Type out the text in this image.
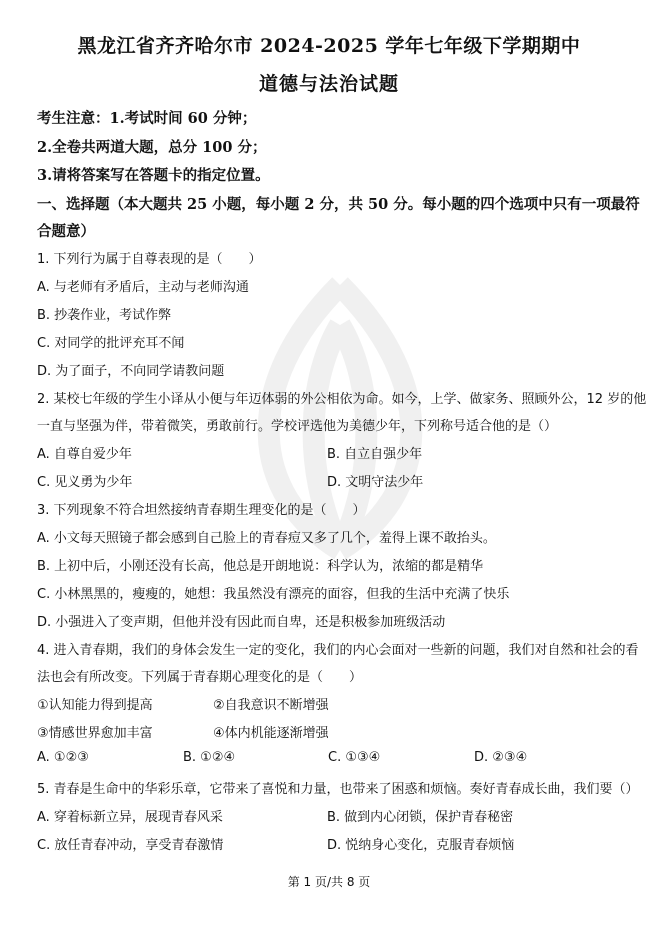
黑龙江省齐齐哈尔市 2024-2025 学年七年级下学期期中
道德与法治试题
考生注意：1.考试时间 60 分钟；
2.全卷共两道大题，总分 100 分；
3.请将答案写在答题卡的指定位置。
一、选择题（本大题共 25 小题，每小题 2 分，共 50 分。每小题的四个选项中只有一项最符
合题意）
1. 下列行为属于自尊表现的是（　　）
A. 与老师有矛盾后，主动与老师沟通
B. 抄袭作业，考试作弊
C. 对同学的批评充耳不闻
D. 为了面子，不向同学请教问题
2. 某校七年级的学生小译从小便与年迈体弱的外公相依为命。如今，上学、做家务、照顾外公，12 岁的他
一直与坚强为伴，带着微笑，勇敢前行。学校评选他为美德少年，下列称号适合他的是（）
A. 自尊自爱少年	B. 自立自强少年
C. 见义勇为少年	D. 文明守法少年
3. 下列现象不符合坦然接纳青春期生理变化的是（　　）
A. 小文每天照镜子都会感到自己脸上的青春痘又多了几个，羞得上课不敢抬头。
B. 上初中后，小刚还没有长高，他总是开朗地说：科学认为，浓缩的都是精华
C. 小林黑黑的，瘦瘦的，她想：我虽然没有漂亮的面容，但我的生活中充满了快乐
D. 小强进入了变声期，但他并没有因此而自卑，还是积极参加班级活动
4. 进入青春期，我们的身体会发生一定的变化，我们的内心会面对一些新的问题，我们对自然和社会的看
法也会有所改变。下列属于青春期心理变化的是（　　）
①认知能力得到提高	②自我意识不断增强
③情感世界愈加丰富	④体内机能逐渐增强
A. ①②③	B. ①②④	C. ①③④	D. ②③④
5. 青春是生命中的华彩乐章，它带来了喜悦和力量，也带来了困惑和烦恼。奏好青春成长曲，我们要（）
A. 穿着标新立异，展现青春风采	B. 做到内心闭锁，保护青春秘密
C. 放任青春冲动，享受青春激情	D. 悦纳身心变化，克服青春烦恼
第 1 页/共 8 页
